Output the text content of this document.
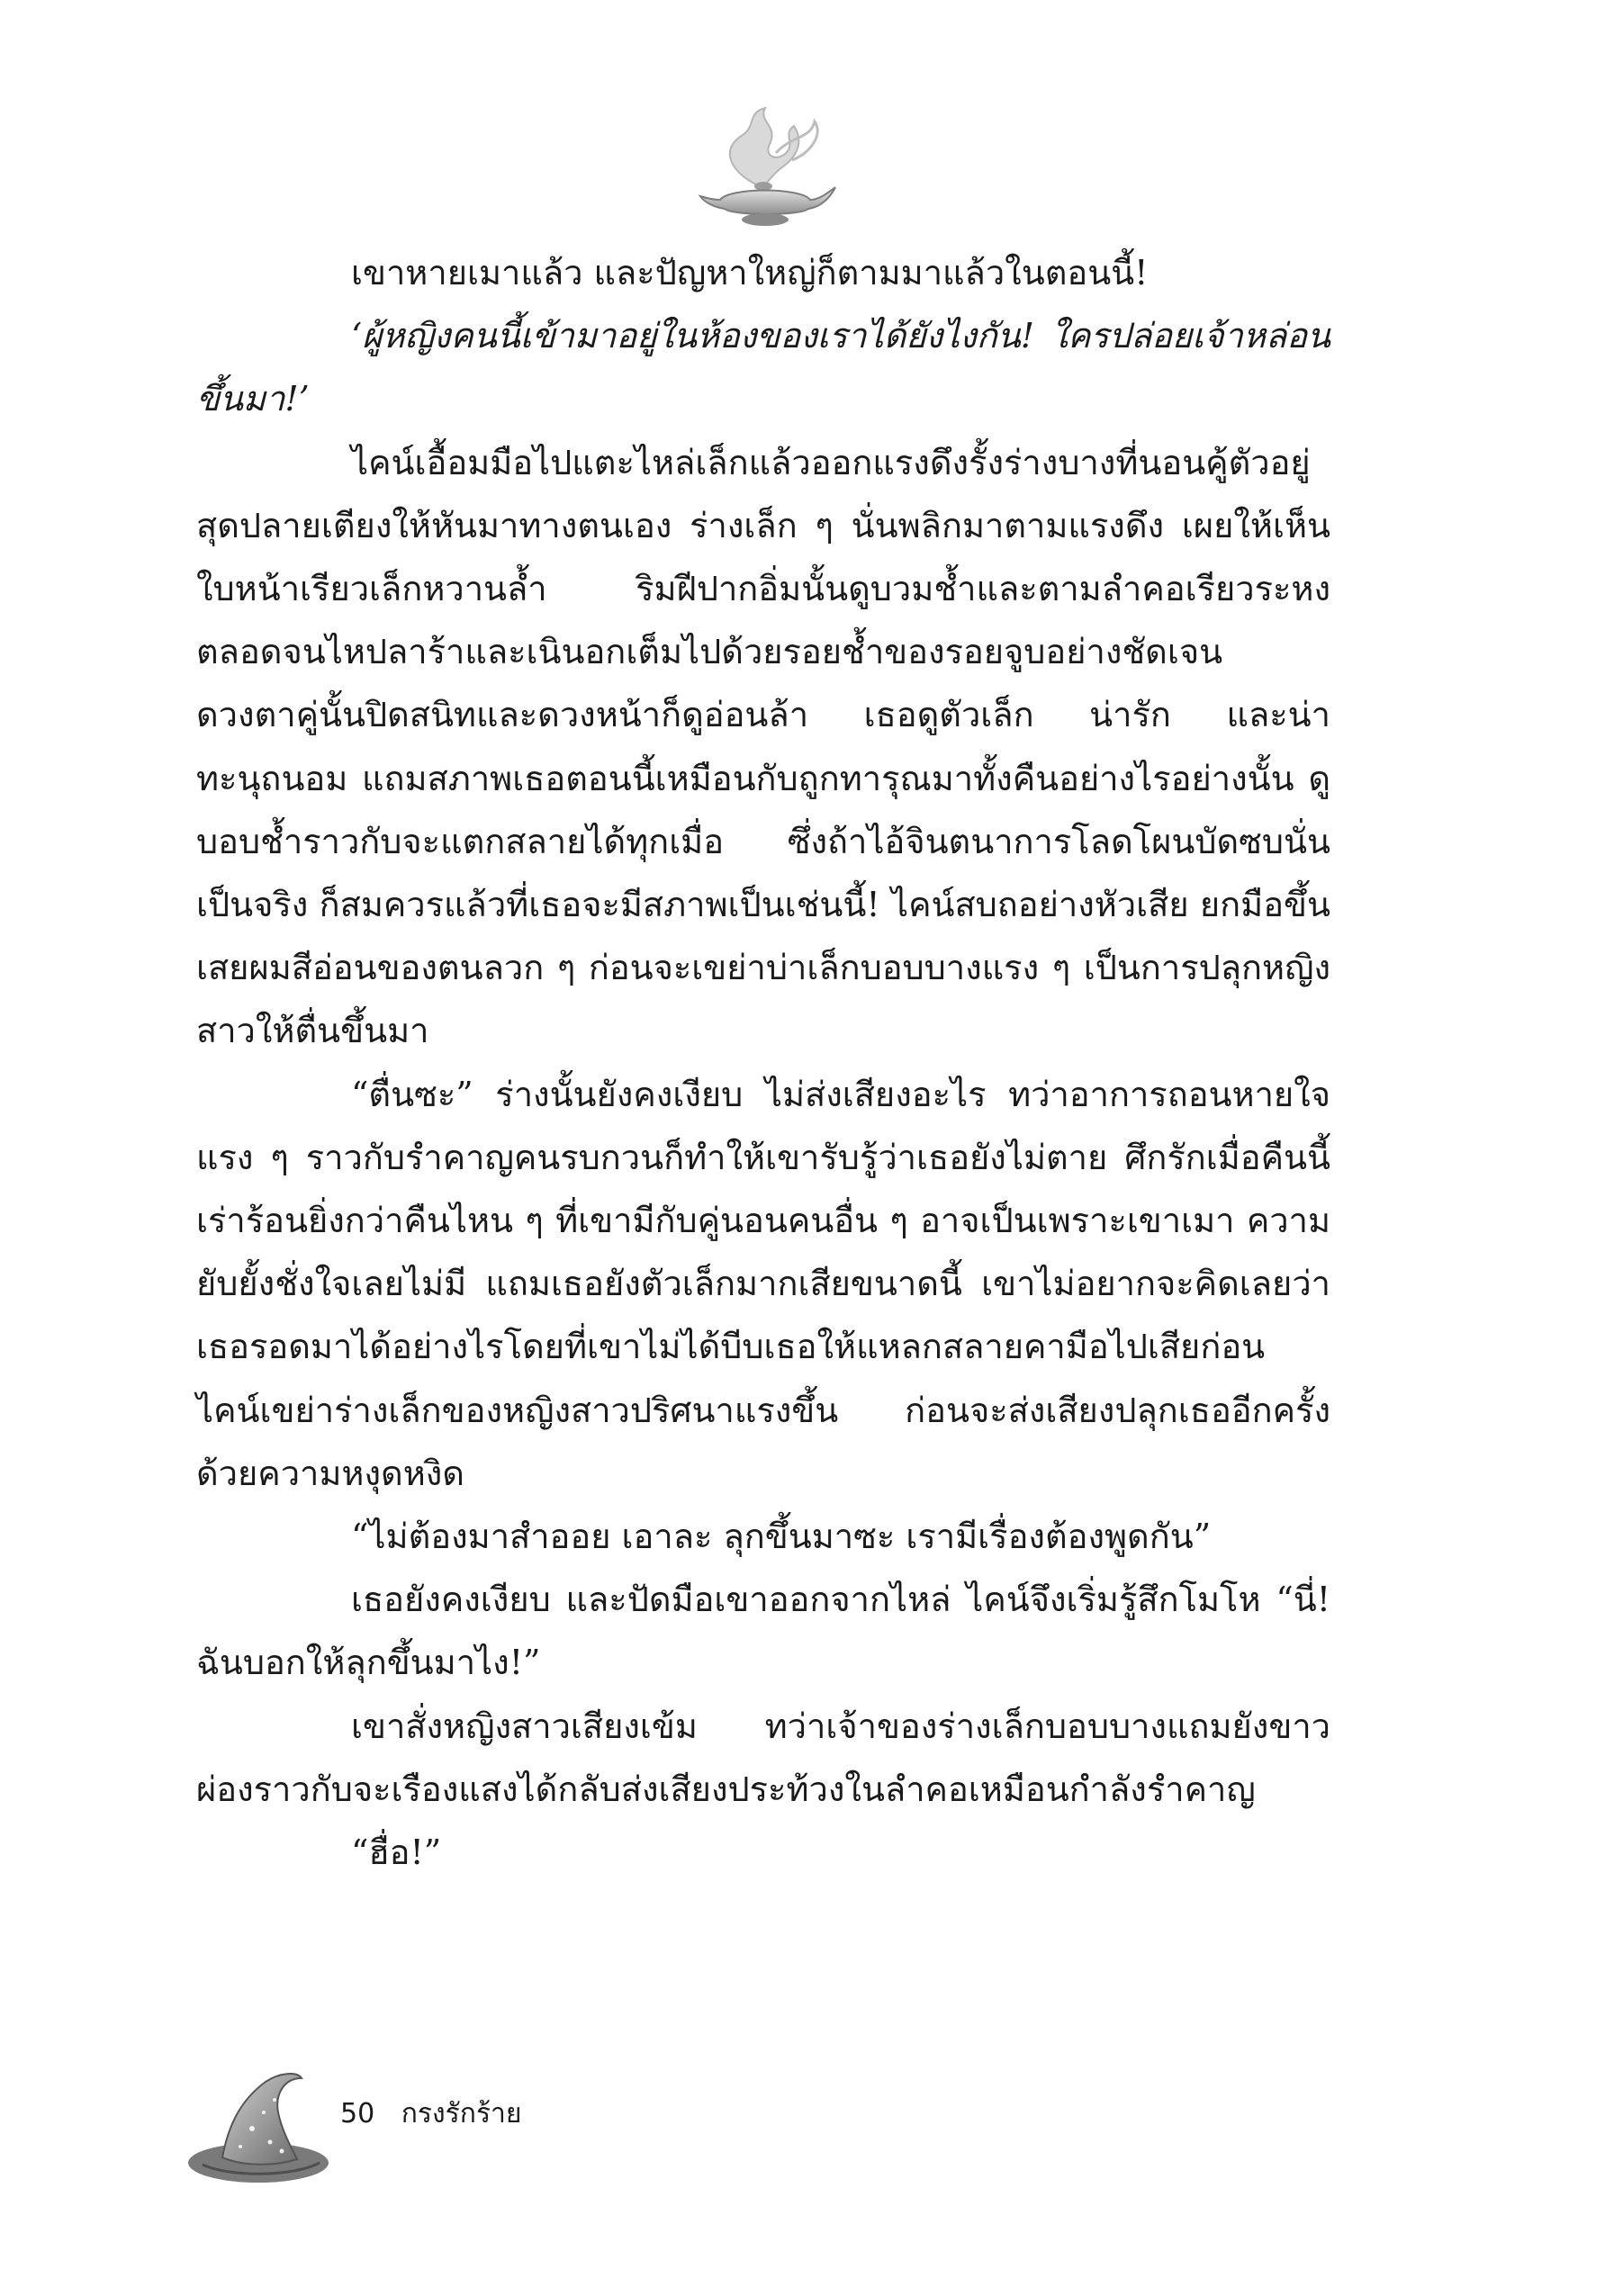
เขาหายเมาแล้ว และปัญหาใหญ่ก็ตามมาแล้วในตอนนี้!

‘ผู้หญิงคนนี้เข้ามาอยู่ในห้องของเราได้ยังไงกัน! ใครปล่อยเจ้าหล่อนขึ้นมา!’

ไคน์เอื้อมมือไปแตะไหล่เล็กแล้วออกแรงดึงรั้งร่างบางที่นอนคู้ตัวอยู่สุดปลายเตียงให้หันมาทางตนเอง ร่างเล็ก ๆ นั่นพลิกมาตามแรงดึง เผยให้เห็นใบหน้าเรียวเล็กหวานล้ำ ริมฝีปากอิ่มนั้นดูบวมช้ำและตามลำคอเรียวระหงตลอดจนไหปลาร้าและเนินอกเต็มไปด้วยรอยช้ำของรอยจูบอย่างชัดเจน ดวงตาคู่นั้นปิดสนิทและดวงหน้าก็ดูอ่อนล้า เธอดูตัวเล็ก น่ารัก และน่าทะนุถนอม แถมสภาพเธอตอนนี้เหมือนกับถูกทารุณมาทั้งคืนอย่างไรอย่างนั้น ดูบอบช้ำราวกับจะแตกสลายได้ทุกเมื่อ ซึ่งถ้าไอ้จินตนาการโลดโผนบัดซบนั่นเป็นจริง ก็สมควรแล้วที่เธอจะมีสภาพเป็นเช่นนี้! ไคน์สบถอย่างหัวเสีย ยกมือขึ้นเสยผมสีอ่อนของตนลวก ๆ ก่อนจะเขย่าบ่าเล็กบอบบางแรง ๆ เป็นการปลุกหญิงสาวให้ตื่นขึ้นมา

“ตื่นซะ” ร่างนั้นยังคงเงียบ ไม่ส่งเสียงอะไร ทว่าอาการถอนหายใจแรง ๆ ราวกับรำคาญคนรบกวนก็ทำให้เขารับรู้ว่าเธอยังไม่ตาย ศึกรักเมื่อคืนนี้เร่าร้อนยิ่งกว่าคืนไหน ๆ ที่เขามีกับคู่นอนคนอื่น ๆ อาจเป็นเพราะเขาเมา ความยับยั้งชั่งใจเลยไม่มี แถมเธอยังตัวเล็กมากเสียขนาดนี้ เขาไม่อยากจะคิดเลยว่าเธอรอดมาได้อย่างไรโดยที่เขาไม่ได้บีบเธอให้แหลกสลายคามือไปเสียก่อน ไคน์เขย่าร่างเล็กของหญิงสาวปริศนาแรงขึ้น ก่อนจะส่งเสียงปลุกเธออีกครั้งด้วยความหงุดหงิด

“ไม่ต้องมาสำออย เอาละ ลุกขึ้นมาซะ เรามีเรื่องต้องพูดกัน”

เธอยังคงเงียบ และปัดมือเขาออกจากไหล่ ไคน์จึงเริ่มรู้สึกโมโห “นี่! ฉันบอกให้ลุกขึ้นมาไง!”

เขาสั่งหญิงสาวเสียงเข้ม ทว่าเจ้าของร่างเล็กบอบบางแถมยังขาวผ่องราวกับจะเรืองแสงได้กลับส่งเสียงประท้วงในลำคอเหมือนกำลังรำคาญ

“ฮื่อ!”

50 กรงรักร้าย
